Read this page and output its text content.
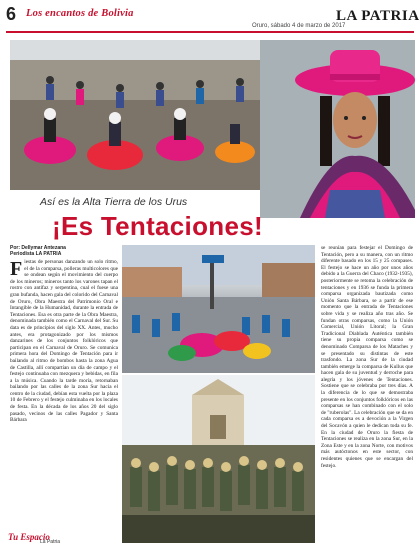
6 Los encantos de Bolivia
Oruro, sábado 4 de marzo de 2017
LA PATRIA
Así es la Alta Tierra de los Urus
¡Es Tentaciones!
Por: Dellymar Antezana
Periodista LA PATRIA
Fiestas de personas danzando un solo ritmo, el de la comparsa, polleras multicolores que se ondean según el movimiento del cuerpo de los mineros; mineros tanto los varones tapan el rostro con antifaz y serpentina, cual el fuese una gran bufanda, hacen gala del colorido del Carnaval de Oruro, Obra Maestra del Patrimonio Oral e Intangible de la Humanidad, durante la entrada de Tentaciones. Esa es otra parte de la Obra Maestra, denominada también como el Carnaval del Sur. Su data es de principios del siglo XX. Antes, mucho antes, era protagonizado por los mismos danzarines de los conjuntos folklóricos que participan en el Carnaval de Oruro. Se comunica primera hora del Domingo de Tentación para ir bailando al ritmo de bombos hasta la zona Agua de Castilla, allí compartían un día de campo y el festejo continuaba con mezquera y bebidas, en fila a la música. Cuando la tarde moría, retornaban bailando por las calles de la zona Sur hacia el centro de la ciudad, debían esta vuelta por la plaza 10 de Febrero y el festejo culminaba en los locales de festa. En la década de los años 20 del siglo pasado, vecinos de las calles Pagador y Santa Bárbara
se reunían para festejar el Domingo de Tentación, pero a su manera, con un ritmo diferente basado en los 15 y 25 compases. El festejo se hace un año por unos años debido a la Guerra del Chaco (1932-1935), posteriormente se retoma la celebración de tentaciones y en 1936 se funda la primera comparsa organizada bautizada como Unión Santa Bárbara, se a partir de ese momento que la entrada de Tentaciones sobre vida y se realiza año tras año. Se fundan otras comparsas, como la Unión Comercial, Unión Litoral; la Gran Tradicional Diablada Auténtica también tiene su propia comparsa como se denominado Comparsa de los Mataches y se presentado su distintas de este trasfondo. La zona Sur de la ciudad también emerge la comparsa de Kullus que hacen gala de su juventud y derroche para alegría y los jóvenes de Tentaciones. Sostiene que se celebraba por tres días. A la diferencia de lo que se demostraba presente en los conjuntos folklóricos en las comparsas se han combinado con el solo de "ruberolas". La celebración que se da en cada comparsa es a devoción a la Virgen del Socavón a quien le dedican toda su fe. En la ciudad de Oruro la fiesta de Tentaciones se realiza en la zona Sur, en la Zona Este y en la zona Norte, con motivos más autóctonos en este sector, con residentes quienes que se encargan del festejo.
Tu Espacio
La Patria
